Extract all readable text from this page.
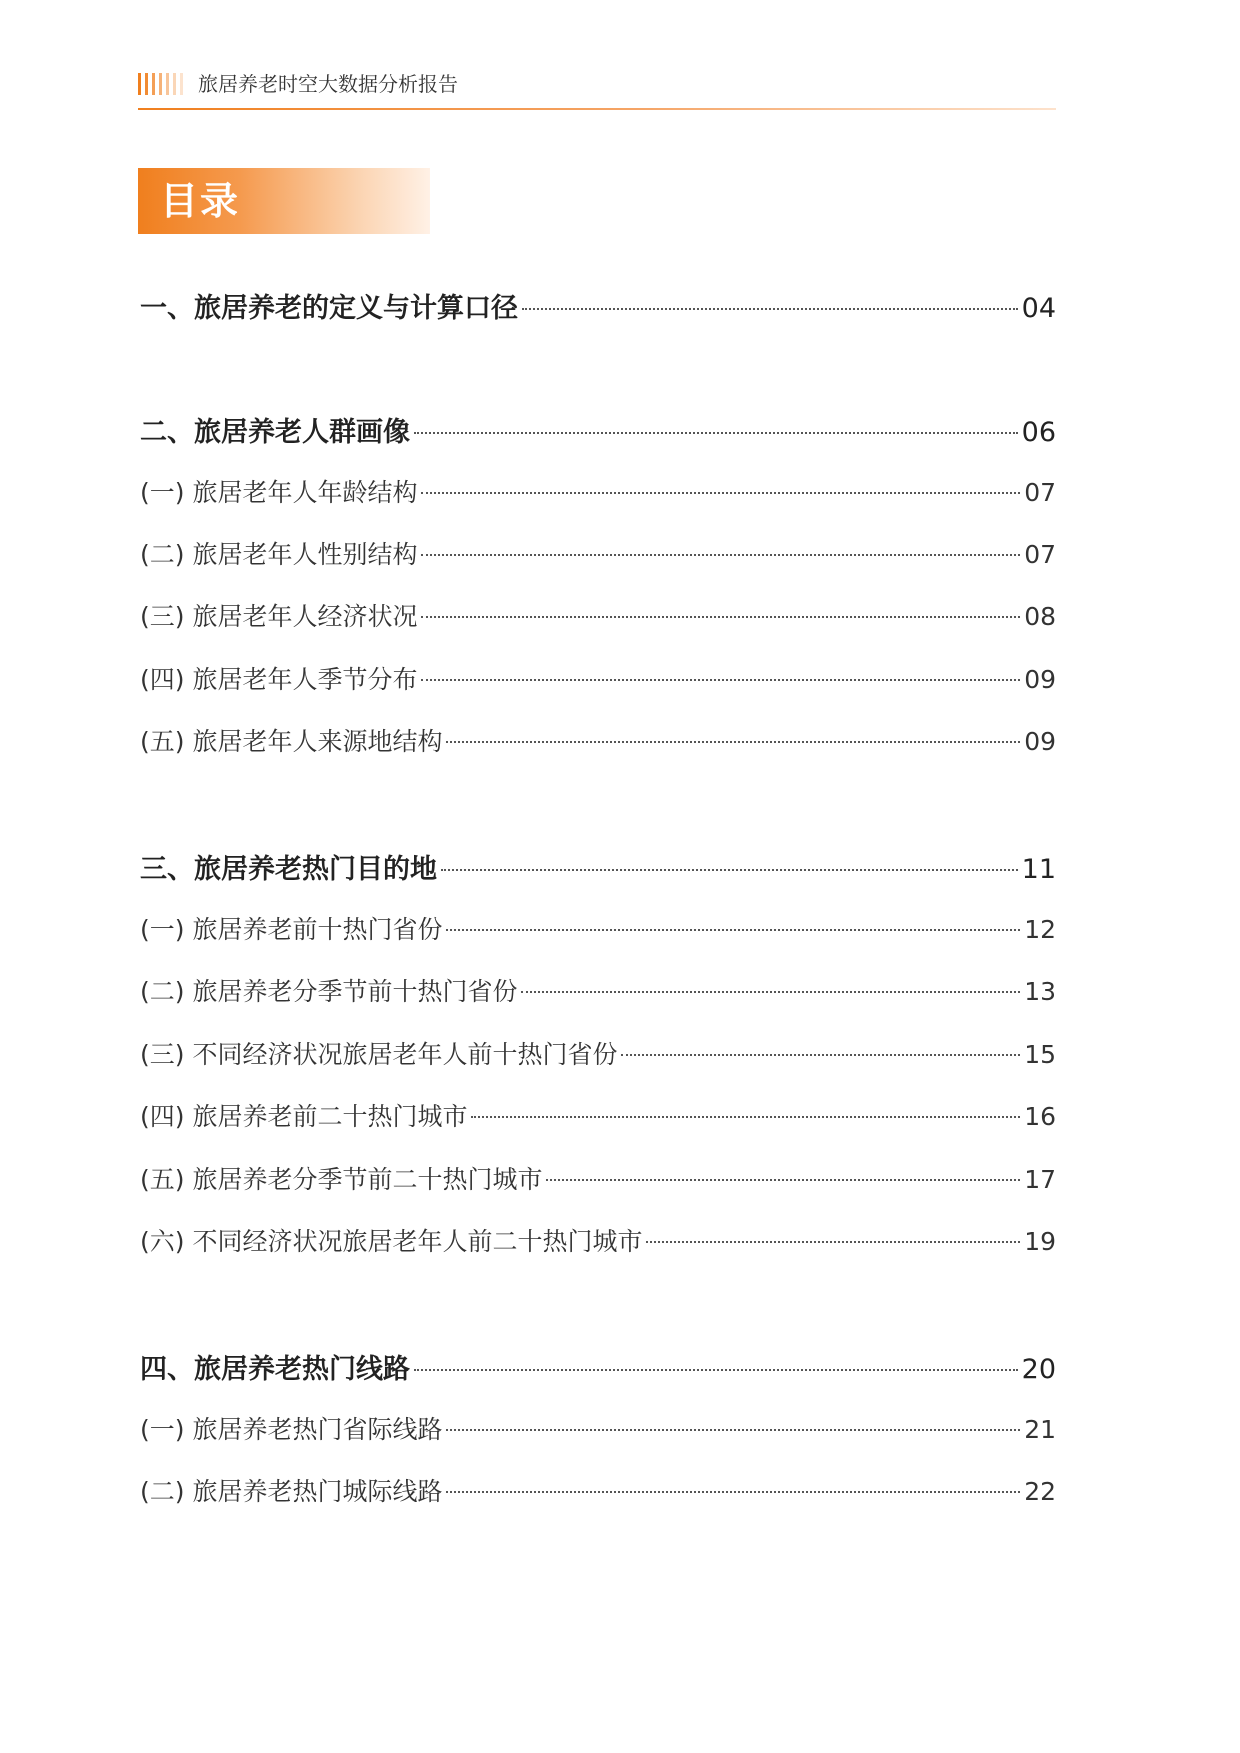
旅居养老时空大数据分析报告
目录
一、旅居养老的定义与计算口径	04
二、旅居养老人群画像	06
(一) 旅居老年人年龄结构	07
(二) 旅居老年人性别结构	07
(三) 旅居老年人经济状况	08
(四) 旅居老年人季节分布	09
(五) 旅居老年人来源地结构	09
三、旅居养老热门目的地	11
(一) 旅居养老前十热门省份	12
(二) 旅居养老分季节前十热门省份	13
(三) 不同经济状况旅居老年人前十热门省份	15
(四) 旅居养老前二十热门城市	16
(五) 旅居养老分季节前二十热门城市	17
(六) 不同经济状况旅居老年人前二十热门城市	19
四、旅居养老热门线路	20
(一) 旅居养老热门省际线路	21
(二) 旅居养老热门城际线路	22
